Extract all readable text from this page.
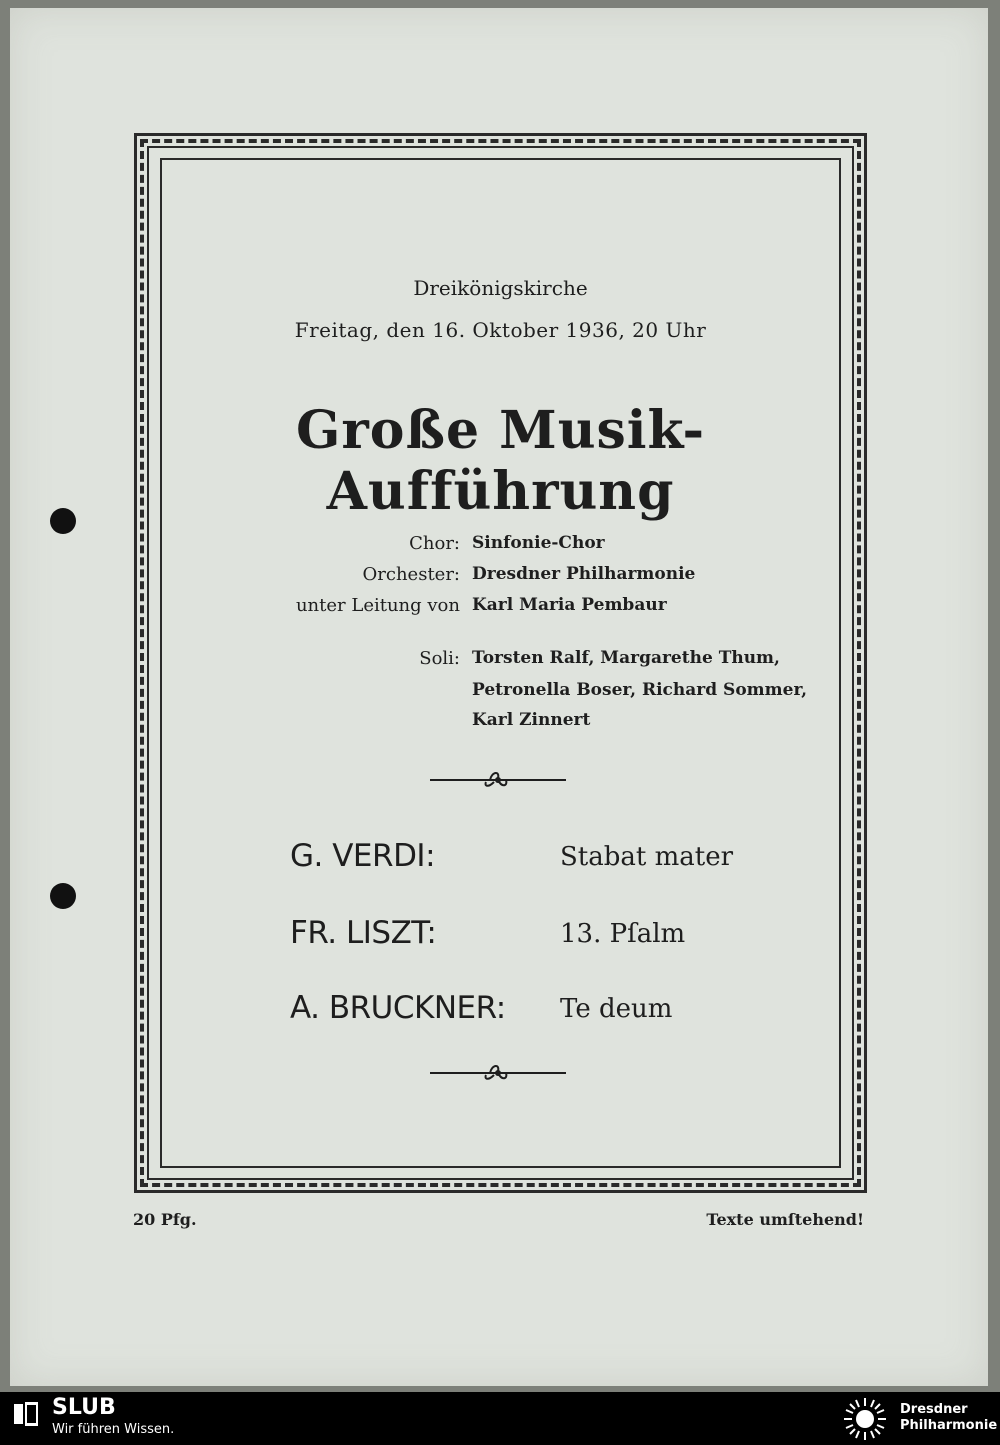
Dreikönigskirche
Freitag, den 16. Oktober 1936, 20 Uhr
Große Musik-Aufführung
Chor: Sinfonie-Chor
Orchester: Dresdner Philharmonie
unter Leitung von Karl Maria Pembaur
Soli: Torsten Ralf, Margarethe Thum,
Petronella Boser, Richard Sommer,
Karl Zinnert
G. VERDI:	Stabat mater
FR. LISZT:	13. Pſalm
A. BRUCKNER: Te deum
20 Pfg.	Texte umſtehend!
SLUB
Wir führen Wissen.
Dresdner
Philharmonie
